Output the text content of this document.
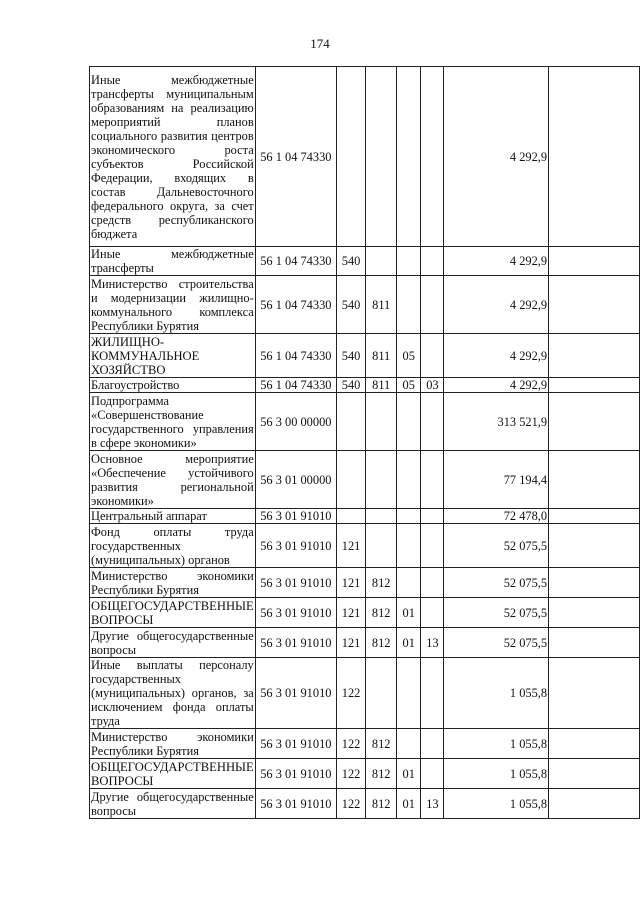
174
Иные межбюджетные трансферты муниципальным образованиям на реализацию мероприятий планов социального развития центров экономического роста субъектов Российской Федерации, входящих в состав Дальневосточного федерального округа, за счет средств республиканского бюджета	56 1 04 74330					4 292,9	
Иные межбюджетные трансферты	56 1 04 74330	540				4 292,9	
Министерство строительства и модернизации жилищно-коммунального комплекса Республики Бурятия	56 1 04 74330	540	811			4 292,9	
ЖИЛИЩНО-КОММУНАЛЬНОЕ ХОЗЯЙСТВО	56 1 04 74330	540	811	05		4 292,9	
Благоустройство	56 1 04 74330	540	811	05	03	4 292,9	
Подпрограмма «Совершенствование государственного управления в сфере экономики»	56 3 00 00000					313 521,9	
Основное мероприятие «Обеспечение устойчивого развития региональной экономики»	56 3 01 00000					77 194,4	
Центральный аппарат	56 3 01 91010					72 478,0	
Фонд оплаты труда государственных (муниципальных) органов	56 3 01 91010	121				52 075,5	
Министерство экономики Республики Бурятия	56 3 01 91010	121	812			52 075,5	
ОБЩЕГОСУДАРСТВЕННЫЕ ВОПРОСЫ	56 3 01 91010	121	812	01		52 075,5	
Другие общегосударственные вопросы	56 3 01 91010	121	812	01	13	52 075,5	
Иные выплаты персоналу государственных (муниципальных) органов, за исключением фонда оплаты труда	56 3 01 91010	122				1 055,8	
Министерство экономики Республики Бурятия	56 3 01 91010	122	812			1 055,8	
ОБЩЕГОСУДАРСТВЕННЫЕ ВОПРОСЫ	56 3 01 91010	122	812	01		1 055,8	
Другие общегосударственные вопросы	56 3 01 91010	122	812	01	13	1 055,8	
